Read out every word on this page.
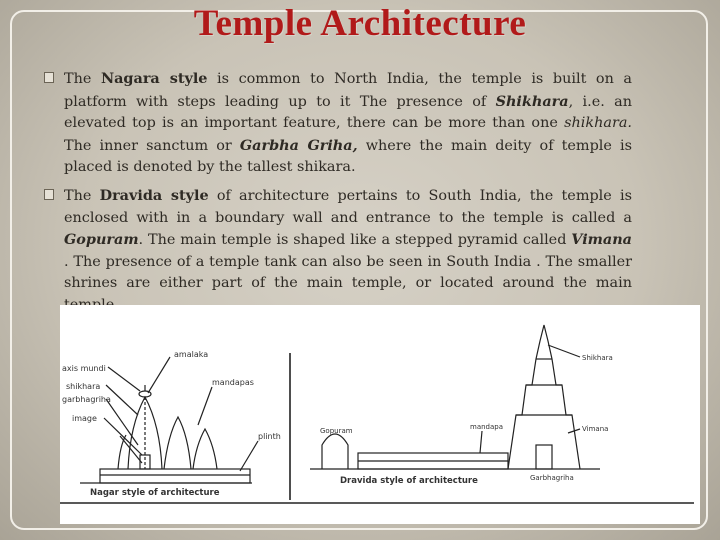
Temple Architecture

The Nagara style is common to North India, the temple is built on a platform with steps leading up to it The presence of Shikhara, i.e. an elevated top is an important feature, there can be more than one shikhara. The inner sanctum or Garbha Griha, where the main deity of temple is placed is denoted by the tallest shikara.

The Dravida style of architecture pertains to South India, the temple is enclosed with in a boundary wall and entrance to the temple is called a Gopuram. The main temple is shaped like a stepped pyramid called Vimana . The presence of a temple tank can also be seen in South India . The smaller shrines are either part of the main temple, or located around the main

amalaka
axis mundi
shikhara	mandapas
garbhagriha
image
plinth
Nagar style of architecture
Shikhara
mandapa
Gopuram	Vimana
Garbhagriha
Dravida style of architecture
